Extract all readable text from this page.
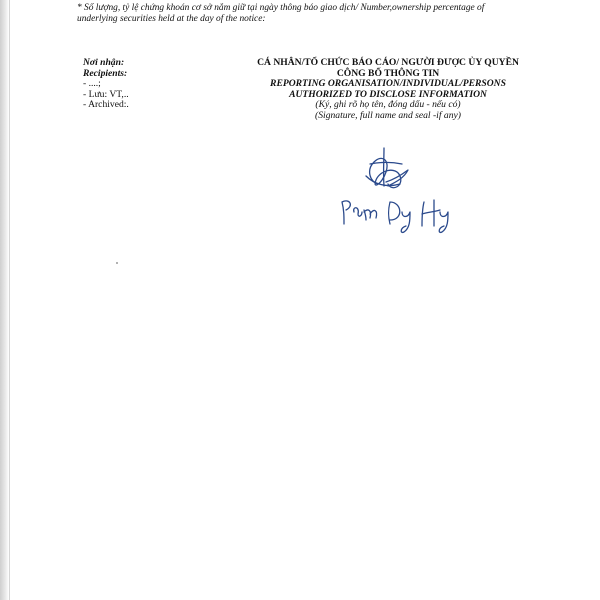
* Số lượng, tỷ lệ chứng khoán cơ sở nắm giữ tại ngày thông báo giao dịch/ Number,ownership percentage of
underlying securities held at the day of the notice:
Nơi nhận:
Recipients:
- ....;
- Lưu: VT,..
- Archived:.
CÁ NHÂN/TỔ CHỨC BÁO CÁO/ NGƯỜI ĐƯỢC ỦY QUYỀN
CÔNG BỐ THÔNG TIN
REPORTING ORGANISATION/INDIVIDUAL/PERSONS
AUTHORIZED TO DISCLOSE INFORMATION
(Ký, ghi rõ họ tên, đóng dấu - nếu có)
(Signature, full name and seal -if any)
